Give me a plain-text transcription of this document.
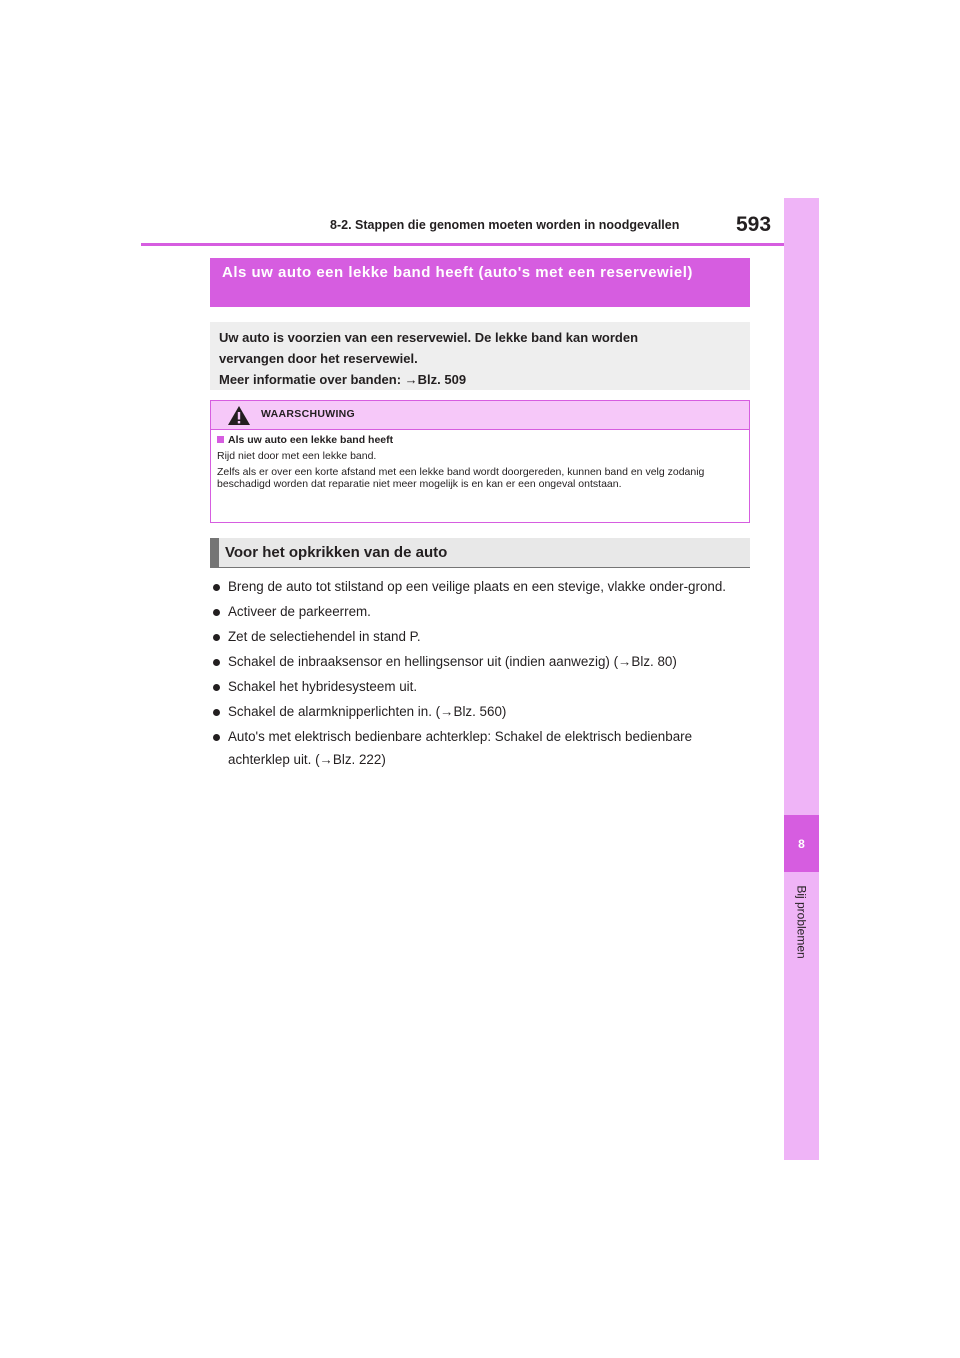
8
Bij problemen
8-2. Stappen die genomen moeten worden in noodgevallen	593
Als uw auto een lekke band heeft (auto's met een reservewiel)
Uw auto is voorzien van een reservewiel. De lekke band kan worden
vervangen door het reservewiel.
Meer informatie over banden: →Blz. 509
WAARSCHUWING
Als uw auto een lekke band heeft
Rijd niet door met een lekke band.
Zelfs als er over een korte afstand met een lekke band wordt doorgereden, kunnen band en velg zodanig beschadigd worden dat reparatie niet meer mogelijk is en kan er een ongeval ontstaan.
Voor het opkrikken van de auto
Breng de auto tot stilstand op een veilige plaats en een stevige, vlakke onder-grond.
Activeer de parkeerrem.
Zet de selectiehendel in stand P.
Schakel de inbraaksensor en hellingsensor uit (indien aanwezig) (→Blz. 80)
Schakel het hybridesysteem uit.
Schakel de alarmknipperlichten in. (→Blz. 560)
Auto's met elektrisch bedienbare achterklep: Schakel de elektrisch bedienbare achterklep uit. (→Blz. 222)
